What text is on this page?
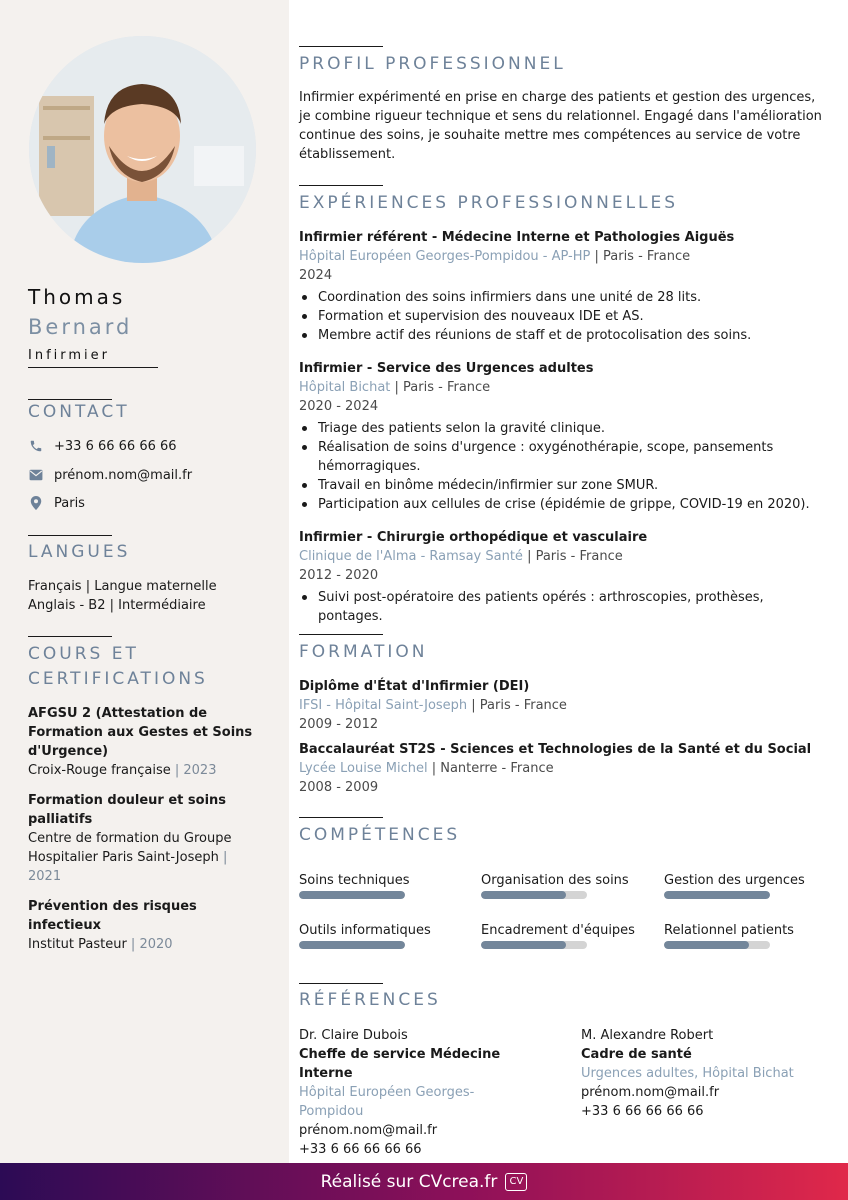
Thomas
Bernard
Infirmier
CONTACT
+33 6 66 66 66 66
prénom.nom@mail.fr
Paris
LANGUES
Français | Langue maternelle
Anglais - B2 | Intermédiaire
COURS ET
CERTIFICATIONS
AFGSU 2 (Attestation de Formation aux Gestes et Soins d'Urgence)
Croix-Rouge française | 2023
Formation douleur et soins palliatifs
Centre de formation du Groupe Hospitalier Paris Saint-Joseph | 2021
Prévention des risques infectieux
Institut Pasteur | 2020
PROFIL PROFESSIONNEL
Infirmier expérimenté en prise en charge des patients et gestion des urgences, je combine rigueur technique et sens du relationnel. Engagé dans l'amélioration continue des soins, je souhaite mettre mes compétences au service de votre établissement.
EXPÉRIENCES PROFESSIONNELLES
Infirmier référent - Médecine Interne et Pathologies Aiguës
Hôpital Européen Georges-Pompidou - AP-HP | Paris - France
2024
Coordination des soins infirmiers dans une unité de 28 lits.
Formation et supervision des nouveaux IDE et AS.
Membre actif des réunions de staff et de protocolisation des soins.
Infirmier - Service des Urgences adultes
Hôpital Bichat | Paris - France
2020 - 2024
Triage des patients selon la gravité clinique.
Réalisation de soins d'urgence : oxygénothérapie, scope, pansements hémorragiques.
Travail en binôme médecin/infirmier sur zone SMUR.
Participation aux cellules de crise (épidémie de grippe, COVID-19 en 2020).
Infirmier - Chirurgie orthopédique et vasculaire
Clinique de l'Alma - Ramsay Santé | Paris - France
2012 - 2020
Suivi post-opératoire des patients opérés : arthroscopies, prothèses, pontages.
FORMATION
Diplôme d'État d'Infirmier (DEI)
IFSI - Hôpital Saint-Joseph | Paris - France
2009 - 2012
Baccalauréat ST2S - Sciences et Technologies de la Santé et du Social
Lycée Louise Michel | Nanterre - France
2008 - 2009
COMPÉTENCES
Soins techniques	Organisation des soins	Gestion des urgences
Outils informatiques	Encadrement d'équipes	Relationnel patients
RÉFÉRENCES
Dr. Claire Dubois
Cheffe de service Médecine Interne
Hôpital Européen Georges-Pompidou
prénom.nom@mail.fr
+33 6 66 66 66 66
M. Alexandre Robert
Cadre de santé
Urgences adultes, Hôpital Bichat
prénom.nom@mail.fr
+33 6 66 66 66 66
Réalisé sur CVcrea.fr	CV
